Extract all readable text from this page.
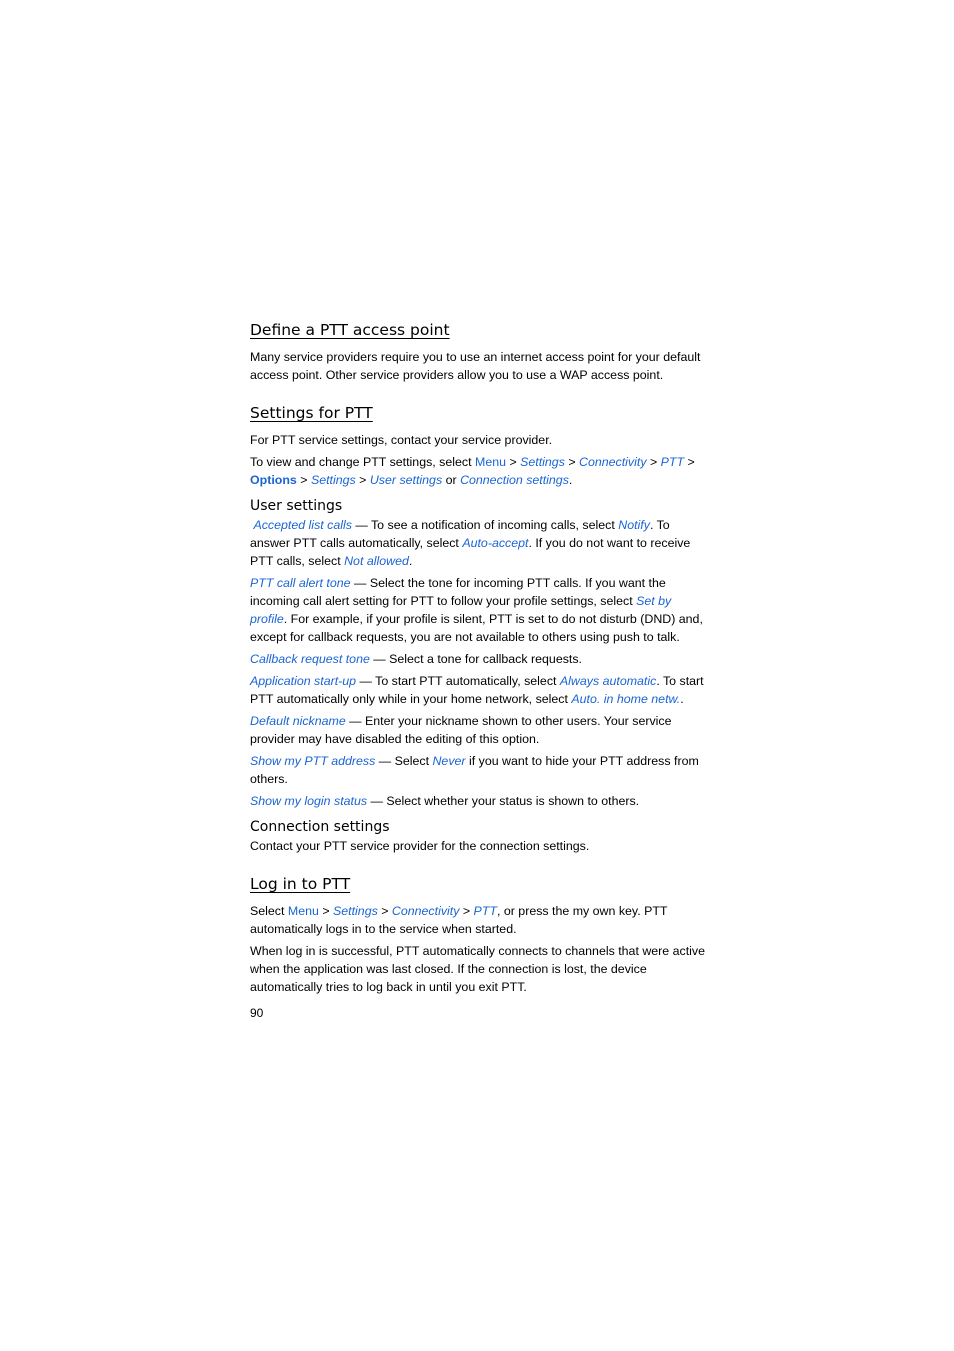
Define a PTT access point

Many service providers require you to use an internet access point for your default access point. Other service providers allow you to use a WAP access point.

Settings for PTT

For PTT service settings, contact your service provider.

To view and change PTT settings, select Menu > Settings > Connectivity > PTT > Options > Settings > User settings or Connection settings.

User settings

Accepted list calls — To see a notification of incoming calls, select Notify. To answer PTT calls automatically, select Auto-accept. If you do not want to receive PTT calls, select Not allowed.

PTT call alert tone — Select the tone for incoming PTT calls. If you want the incoming call alert setting for PTT to follow your profile settings, select Set by profile. For example, if your profile is silent, PTT is set to do not disturb (DND) and, except for callback requests, you are not available to others using push to talk.

Callback request tone — Select a tone for callback requests.

Application start-up — To start PTT automatically, select Always automatic. To start PTT automatically only while in your home network, select Auto. in home netw..

Default nickname — Enter your nickname shown to other users. Your service provider may have disabled the editing of this option.

Show my PTT address — Select Never if you want to hide your PTT address from others.

Show my login status — Select whether your status is shown to others.

Connection settings

Contact your PTT service provider for the connection settings.

Log in to PTT

Select Menu > Settings > Connectivity > PTT, or press the my own key. PTT automatically logs in to the service when started.

When log in is successful, PTT automatically connects to channels that were active when the application was last closed. If the connection is lost, the device automatically tries to log back in until you exit PTT.

90
